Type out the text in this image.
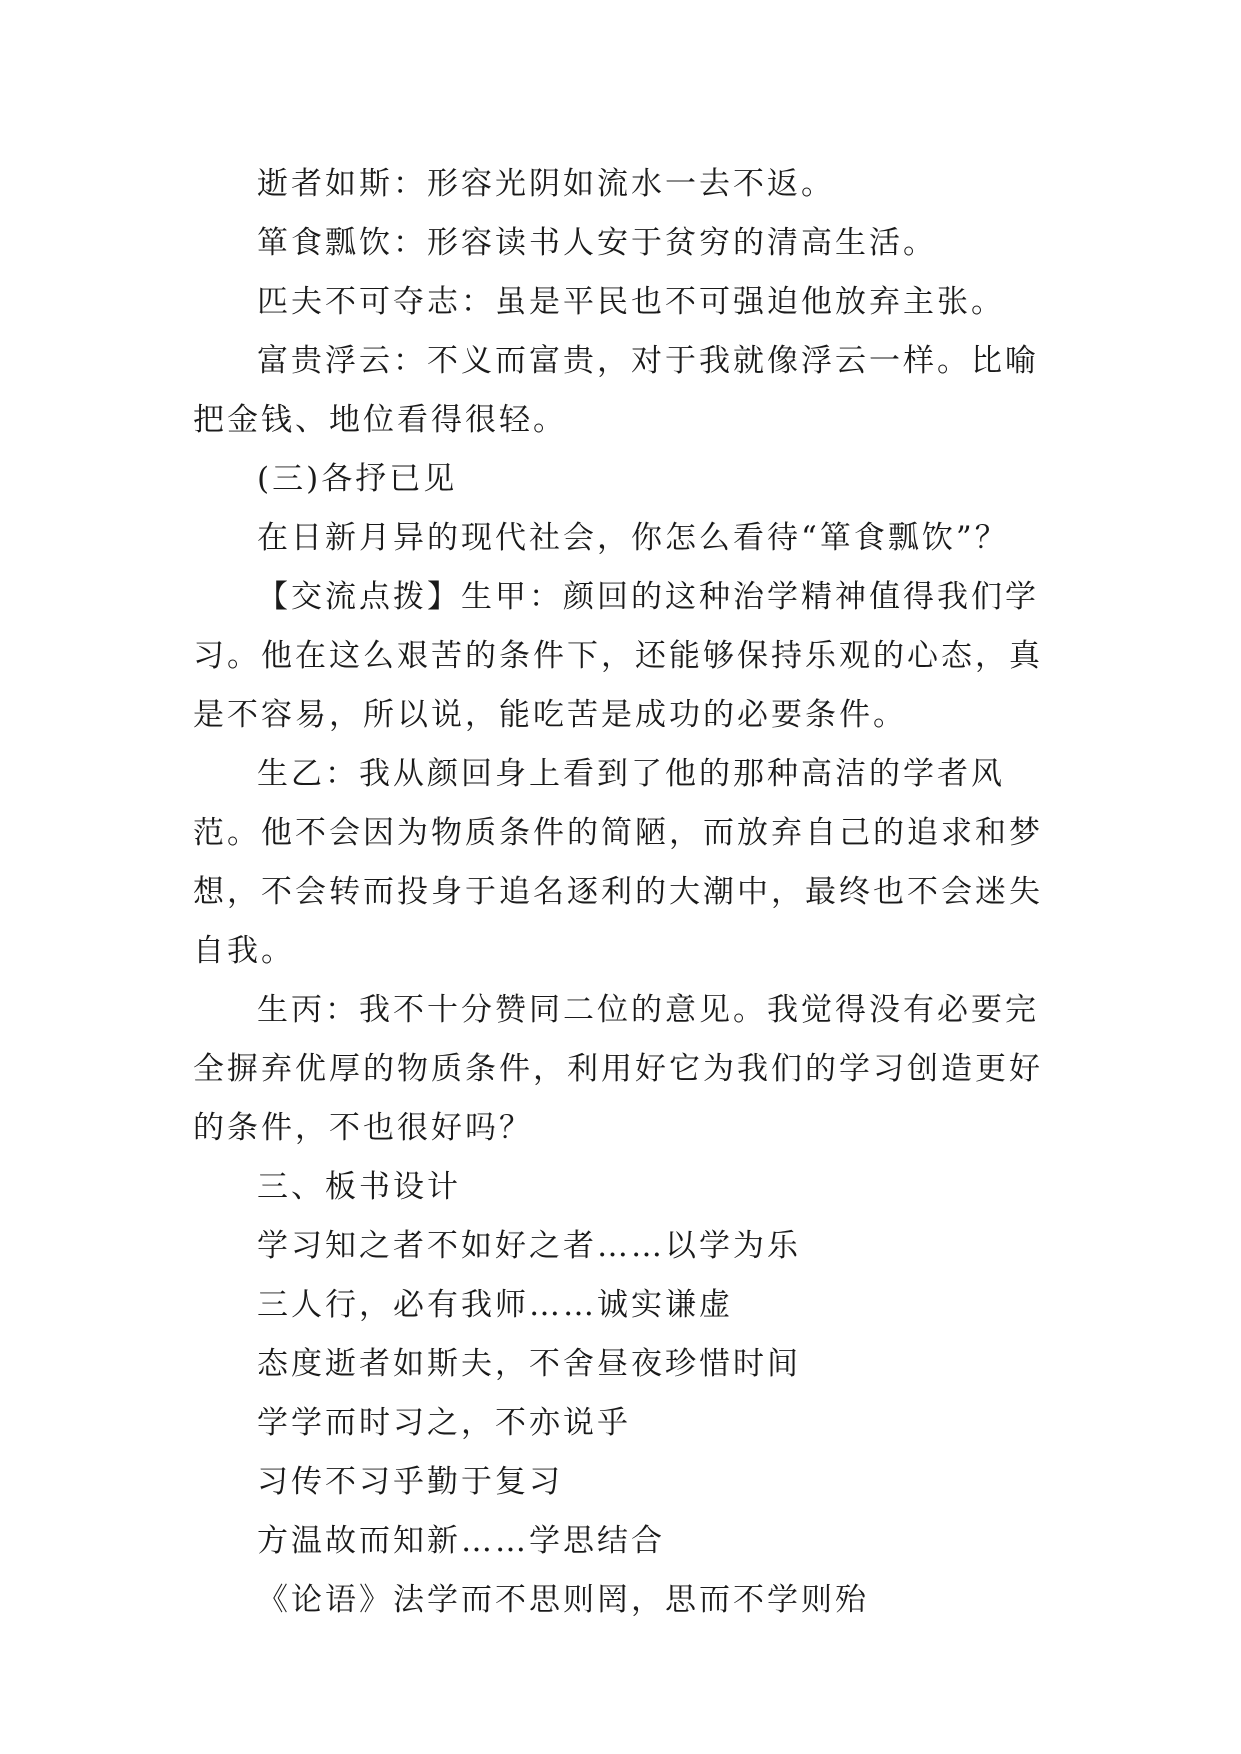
逝者如斯：形容光阴如流水一去不返。

箪食瓢饮：形容读书人安于贫穷的清高生活。

匹夫不可夺志：虽是平民也不可强迫他放弃主张。

富贵浮云：不义而富贵，对于我就像浮云一样。比喻把金钱、地位看得很轻。

(三)各抒已见

在日新月异的现代社会，你怎么看待“箪食瓢饮”？

【交流点拨】生甲：颜回的这种治学精神值得我们学习。他在这么艰苦的条件下，还能够保持乐观的心态，真是不容易，所以说，能吃苦是成功的必要条件。

生乙：我从颜回身上看到了他的那种高洁的学者风范。他不会因为物质条件的简陋，而放弃自己的追求和梦想，不会转而投身于追名逐利的大潮中，最终也不会迷失自我。

生丙：我不十分赞同二位的意见。我觉得没有必要完全摒弃优厚的物质条件，利用好它为我们的学习创造更好的条件，不也很好吗？

三、板书设计

学习知之者不如好之者……以学为乐

三人行，必有我师……诚实谦虚

态度逝者如斯夫，不舍昼夜珍惜时间

学学而时习之，不亦说乎

习传不习乎勤于复习

方温故而知新……学思结合

《论语》法学而不思则罔，思而不学则殆
